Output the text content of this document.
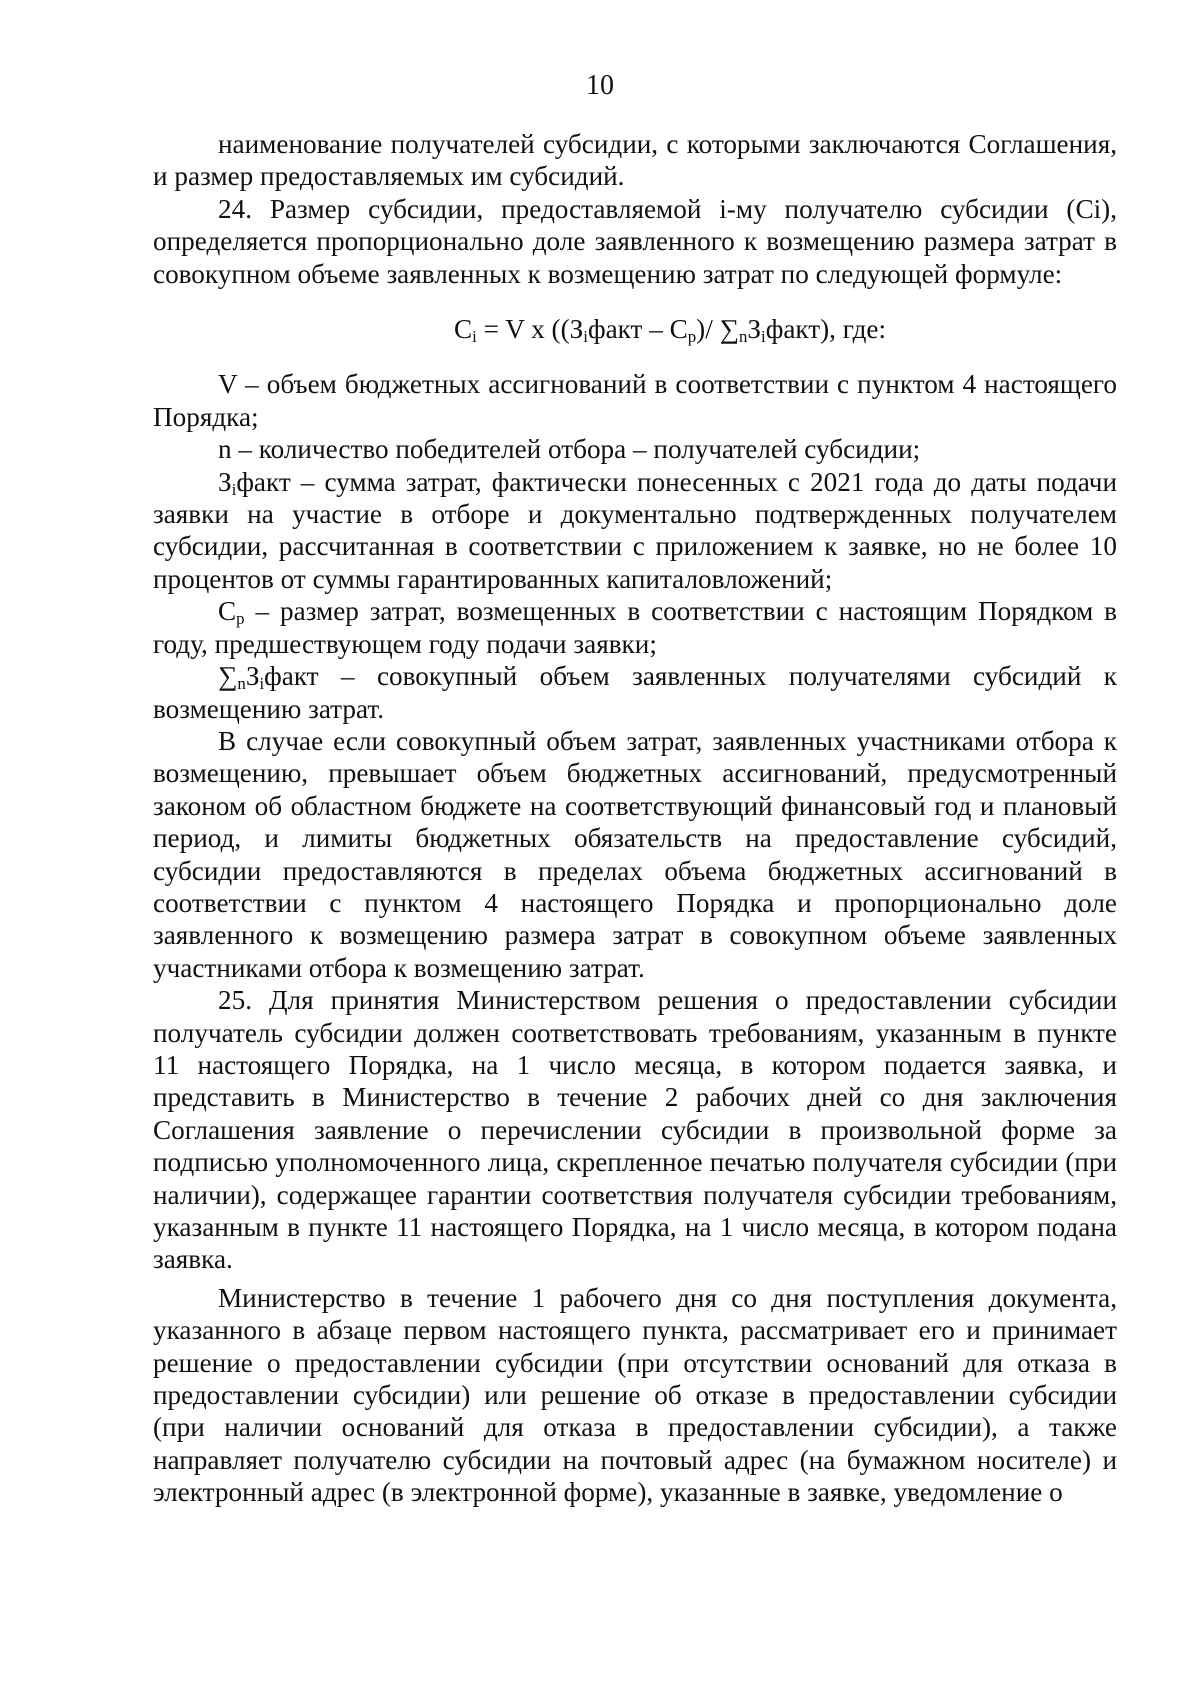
10

наименование получателей субсидии, с которыми заключаются Соглашения, и размер предоставляемых им субсидий.

24. Размер субсидии, предоставляемой i-му получателю субсидии (Ci), определяется пропорционально доле заявленного к возмещению размера затрат в совокупном объеме заявленных к возмещению затрат по следующей формуле:

$C_i = V$ x ($(З_iфакт - C_p)/$ $\sum_nЗ_iфакт$), где:

V – объем бюджетных ассигнований в соответствии с пунктом 4 настоящего Порядка;

n – количество победителей отбора – получателей субсидии;

$З_iфакт$ – сумма затрат, фактически понесенных с 2021 года до даты подачи заявки на участие в отборе и документально подтвержденных получателем субсидии, рассчитанная в соответствии с приложением к заявке, но не более 10 процентов от суммы гарантированных капиталовложений;

$C_p$ – размер затрат, возмещенных в соответствии с настоящим Порядком в году, предшествующем году подачи заявки;

$\sum_nЗ_iфакт$ – совокупный объем заявленных получателями субсидий к возмещению затрат.

В случае если совокупный объем затрат, заявленных участниками отбора к возмещению, превышает объем бюджетных ассигнований, предусмотренный законом об областном бюджете на соответствующий финансовый год и плановый период, и лимиты бюджетных обязательств на предоставление субсидий, субсидии предоставляются в пределах объема бюджетных ассигнований в соответствии с пунктом 4 настоящего Порядка и пропорционально доле заявленного к возмещению размера затрат в совокупном объеме заявленных участниками отбора к возмещению затрат.

25. Для принятия Министерством решения о предоставлении субсидии получатель субсидии должен соответствовать требованиям, указанным в пункте 11 настоящего Порядка, на 1 число месяца, в котором подается заявка, и представить в Министерство в течение 2 рабочих дней со дня заключения Соглашения заявление о перечислении субсидии в произвольной форме за подписью уполномоченного лица, скрепленное печатью получателя субсидии (при наличии), содержащее гарантии соответствия получателя субсидии требованиям, указанным в пункте 11 настоящего Порядка, на 1 число месяца, в котором подана заявка.

Министерство в течение 1 рабочего дня со дня поступления документа, указанного в абзаце первом настоящего пункта, рассматривает его и принимает решение о предоставлении субсидии (при отсутствии оснований для отказа в предоставлении субсидии) или решение об отказе в предоставлении субсидии (при наличии оснований для отказа в предоставлении субсидии), а также направляет получателю субсидии на почтовый адрес (на бумажном носителе) и электронный адрес (в электронной форме), указанные в заявке, уведомление о
